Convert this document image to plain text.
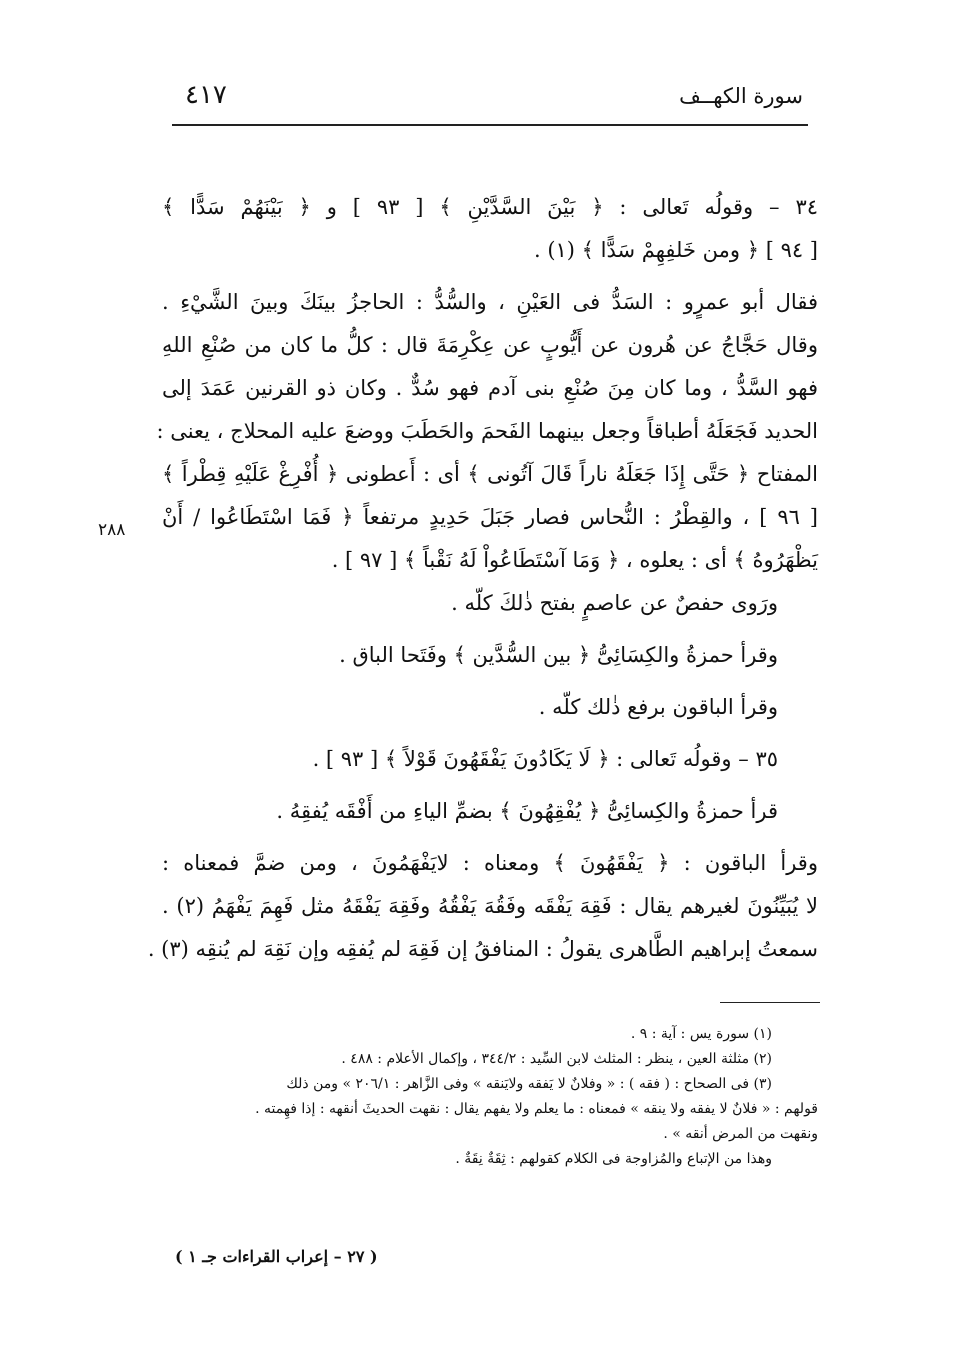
سورة الكهــف
٤١٧
٢٨٨
٣٤ – وقولُه تَعالى : ﴿ بَيْنَ السَّدَّيْنِ ﴾ [ ٩٣ ] و ﴿ بَيْنَهُمْ سَدًّا ﴾
[ ٩٤ ] ﴿ ومن خَلفِهِمْ سَدًّا ﴾ (١) .
فقال أبو عمرٍو : السَدُّ فى العَيْنِ ، والسُّدُّ : الحاجزُ بينَكَ وبينَ الشَّيْءِ .
وقال حَجَّاجُ عن هُرون عن أَيُّوبٍ عن عِكْرِمَةَ قال : كلُّ ما كان من صُنْعِ اللهِ
فهو السَّدُّ ، وما كان مِنَ صُنْعِ بنى آدم فهو سُدٌّ . وكان ذو القرنين عَمَدَ إلى
الحديد فَجَعَلَهُ أطباقاً وجعل بينهما الفَحمَ والحَطَبَ ووضعَ عليه المحلاج ، يعنى :
المفتاح ﴿ حَتَّى إِذَا جَعَلَهُ ناراً قَالَ آتُونى ﴾ أى : أَعطونى ﴿ أُفْرِغْ عَلَيْهِ قِطْراً ﴾
[ ٩٦ ] ، والقِطْرُ : النُّحاس فصار جَبَلَ حَدِيدٍ مرتفعاً ﴿ فَمَا اسْتَطَاعُوا / أَنْ
يَظْهَرُوهُ ﴾ أى : يعلوه ، ﴿ وَمَا آسْتَطَاعُواْ لَهُ نَقْباً ﴾ [ ٩٧ ] .
ورَوى حفصٌ عن عاصمٍ بفتح ذٰلكَ كلّه .
وقرأ حمزةُ والكِسَائِىُّ ﴿ بين السُّدَّين ﴾ وفَتَحا الباق .
وقرأ الباقون برفع ذٰلك كلّه .
٣٥ – وقولُه تَعالى : ﴿ لَا يَكَادُونَ يَفْقَهُونَ قَوْلاً ﴾ [ ٩٣ ] .
قرأ حمزةُ والكِسائِىُّ ﴿ يُفْقِهُونَ ﴾ بضمِّ الياءِ من أَفْقَه يُفقِهُ .
وقرأ الباقون : ﴿ يَفْقَهُونَ ﴾ ومعناه : لايَفْهَمُونَ ، ومن ضمَّ فمعناه :
لا يُبَيِّنُونَ لغيرهم يقال : فَقِهَ يَفْقَه وفَقُهَ يَفْقُهُ وفَقِهَ يَفْقَهُ مثل فَهِمَ يَفْهَمُ (٢) .
سمعتُ إبراهيم الطَّاهرى يقولُ : المنافقُ إن فَقِهَ لم يُفقِه وإن نَقِهَ لم يُنقِه (٣) .
(١) سورة يس : آية : ٩ .
(٢) مثلثة العين ، ينظر : المثلث لابن السِّيد : ٣٤٤/٢ ، وإكمال الأعلام : ٤٨٨ .
(٣) فى الصحاح : ( فقه ) : « وفلانٌ لا يَفقه ولايَنقه » وفى الزَّاهر : ٢٠٦/١ » ومن ذلك
قولهم : « فلانٌ لا يفقه ولا ينقه » فمعناه : ما يعلم ولا يفهم يقال : نقهت الحديثَ أنقهه : إذا فهِمته .
ونقهت من المرض أنقه » .
وهذا من الإتباع والمُزاوجة فى الكلام كقولهم : ثِقَةٌ نِقَةٌ .
( ٢٧ – إعراب القراءات جـ ١ )
